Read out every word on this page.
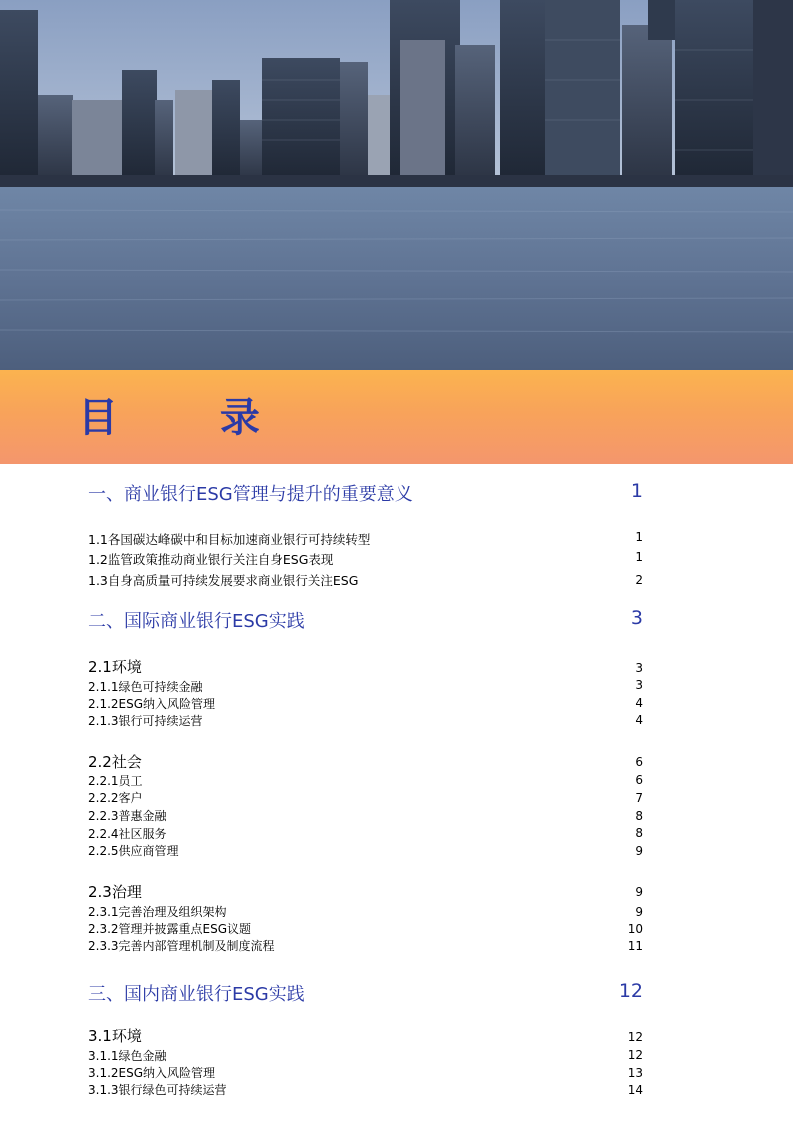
目 录
一、商业银行ESG管理与提升的重要意义	1
1.1各国碳达峰碳中和目标加速商业银行可持续转型	1
1.2监管政策推动商业银行关注自身ESG表现	1
1.3自身高质量可持续发展要求商业银行关注ESG	2
二、国际商业银行ESG实践	3
2.1环境	3
2.1.1绿色可持续金融	3
2.1.2ESG纳入风险管理	4
2.1.3银行可持续运营	4
2.2社会	6
2.2.1员工	6
2.2.2客户	7
2.2.3普惠金融	8
2.2.4社区服务	8
2.2.5供应商管理	9
2.3治理	9
2.3.1完善治理及组织架构	9
2.3.2管理并披露重点ESG议题	10
2.3.3完善内部管理机制及制度流程	11
三、国内商业银行ESG实践	12
3.1环境	12
3.1.1绿色金融	12
3.1.2ESG纳入风险管理	13
3.1.3银行绿色可持续运营	14
